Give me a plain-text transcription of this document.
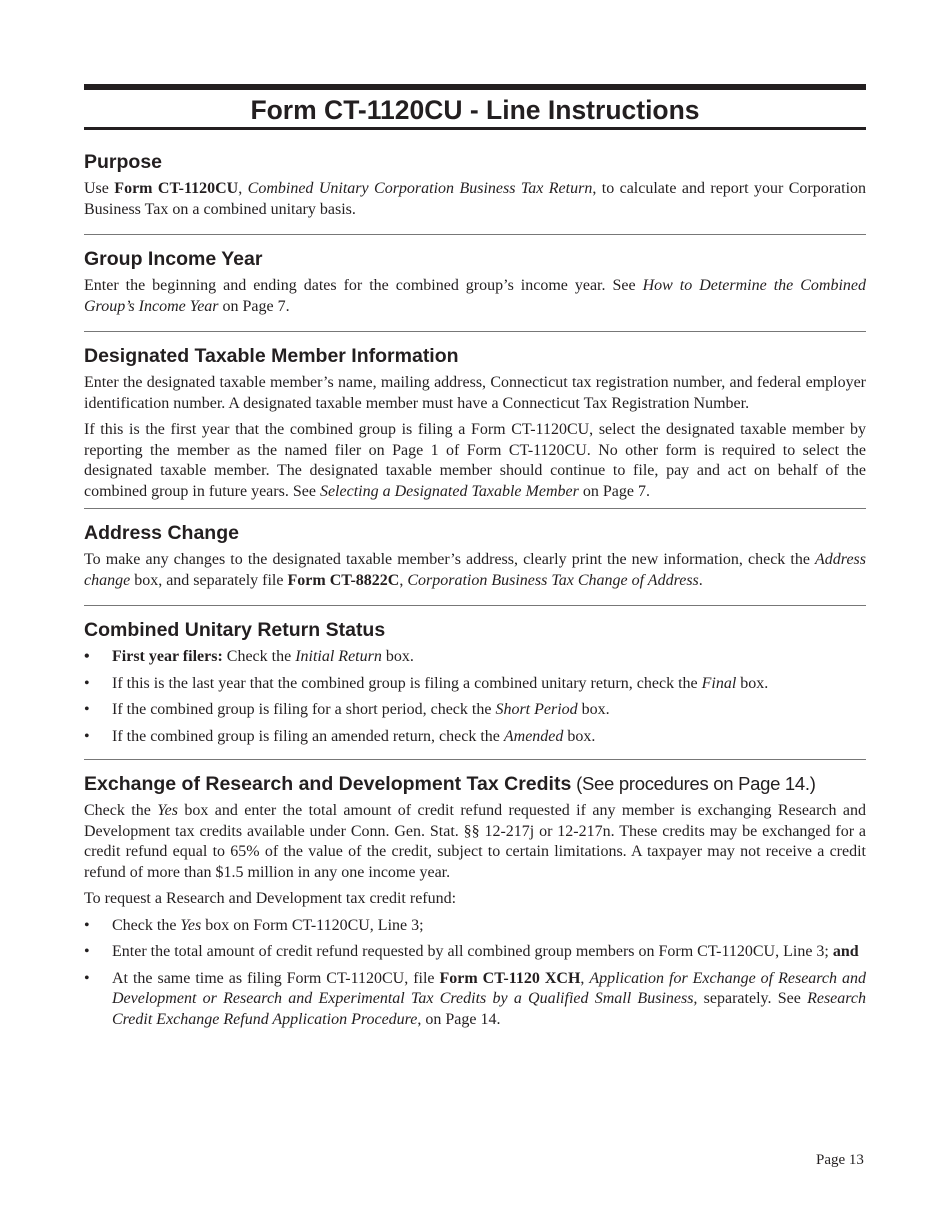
Form CT-1120CU - Line Instructions
Purpose

Use Form CT-1120CU, Combined Unitary Corporation Business Tax Return, to calculate and report your Corporation Business Tax on a combined unitary basis.

Group Income Year

Enter the beginning and ending dates for the combined group’s income year. See How to Determine the Combined Group’s Income Year on Page 7.

Designated Taxable Member Information

Enter the designated taxable member’s name, mailing address, Connecticut tax registration number, and federal employer identification number. A designated taxable member must have a Connecticut Tax Registration Number.

If this is the first year that the combined group is filing a Form CT-1120CU, select the designated taxable member by reporting the member as the named filer on Page 1 of Form CT-1120CU. No other form is required to select the designated taxable member. The designated taxable member should continue to file, pay and act on behalf of the combined group in future years. See Selecting a Designated Taxable Member on Page 7.

Address Change

To make any changes to the designated taxable member’s address, clearly print the new information, check the Address change box, and separately file Form CT-8822C, Corporation Business Tax Change of Address.

Combined Unitary Return Status
• First year filers: Check the Initial Return box.
• If this is the last year that the combined group is filing a combined unitary return, check the Final box.
• If the combined group is filing for a short period, check the Short Period box.
• If the combined group is filing an amended return, check the Amended box.
Exchange of Research and Development Tax Credits (See procedures on Page 14.)

Check the Yes box and enter the total amount of credit refund requested if any member is exchanging Research and Development tax credits available under Conn. Gen. Stat. §§ 12-217j or 12-217n. These credits may be exchanged for a credit refund equal to 65% of the value of the credit, subject to certain limitations. A taxpayer may not receive a credit refund of more than $1.5 million in any one income year.

To request a Research and Development tax credit refund:

• Check the Yes box on Form CT-1120CU, Line 3;
• Enter the total amount of credit refund requested by all combined group members on Form CT-1120CU, Line 3; and
• At the same time as filing Form CT-1120CU, file Form CT-1120 XCH, Application for Exchange of Research and Development or Research and Experimental Tax Credits by a Qualified Small Business, separately. See Research Credit Exchange Refund Application Procedure, on Page 14.
Page 13
